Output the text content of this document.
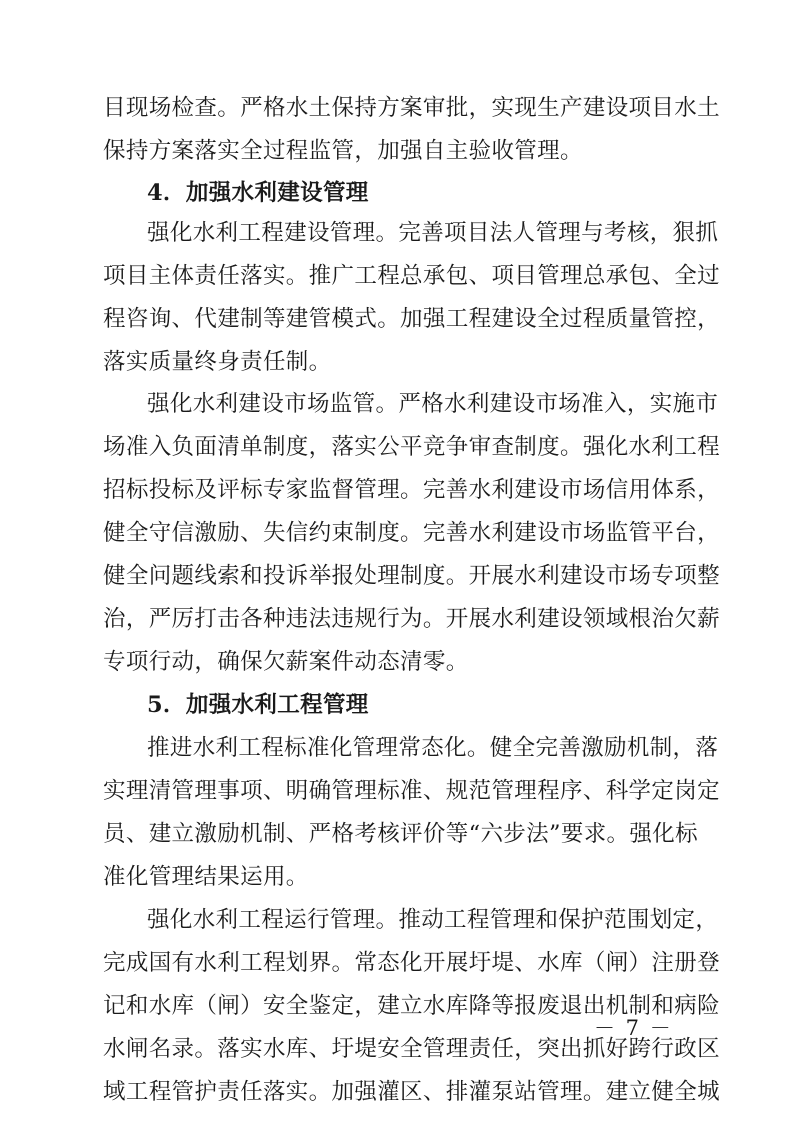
目现场检查。严格水土保持方案审批，实现生产建设项目水土
保持方案落实全过程监管，加强自主验收管理。
4．加强水利建设管理
强化水利工程建设管理。完善项目法人管理与考核，狠抓
项目主体责任落实。推广工程总承包、项目管理总承包、全过
程咨询、代建制等建管模式。加强工程建设全过程质量管控，
落实质量终身责任制。
强化水利建设市场监管。严格水利建设市场准入，实施市
场准入负面清单制度，落实公平竞争审查制度。强化水利工程
招标投标及评标专家监督管理。完善水利建设市场信用体系，
健全守信激励、失信约束制度。完善水利建设市场监管平台，
健全问题线索和投诉举报处理制度。开展水利建设市场专项整
治，严厉打击各种违法违规行为。开展水利建设领域根治欠薪
专项行动，确保欠薪案件动态清零。
5．加强水利工程管理
推进水利工程标准化管理常态化。健全完善激励机制，落
实理清管理事项、明确管理标准、规范管理程序、科学定岗定
员、建立激励机制、严格考核评价等“六步法”要求。强化标
准化管理结果运用。
强化水利工程运行管理。推动工程管理和保护范围划定，
完成国有水利工程划界。常态化开展圩堤、水库（闸）注册登
记和水库（闸）安全鉴定，建立水库降等报废退出机制和病险
水闸名录。落实水库、圩堤安全管理责任，突出抓好跨行政区
域工程管护责任落实。加强灌区、排灌泵站管理。建立健全城
－ 7 －
